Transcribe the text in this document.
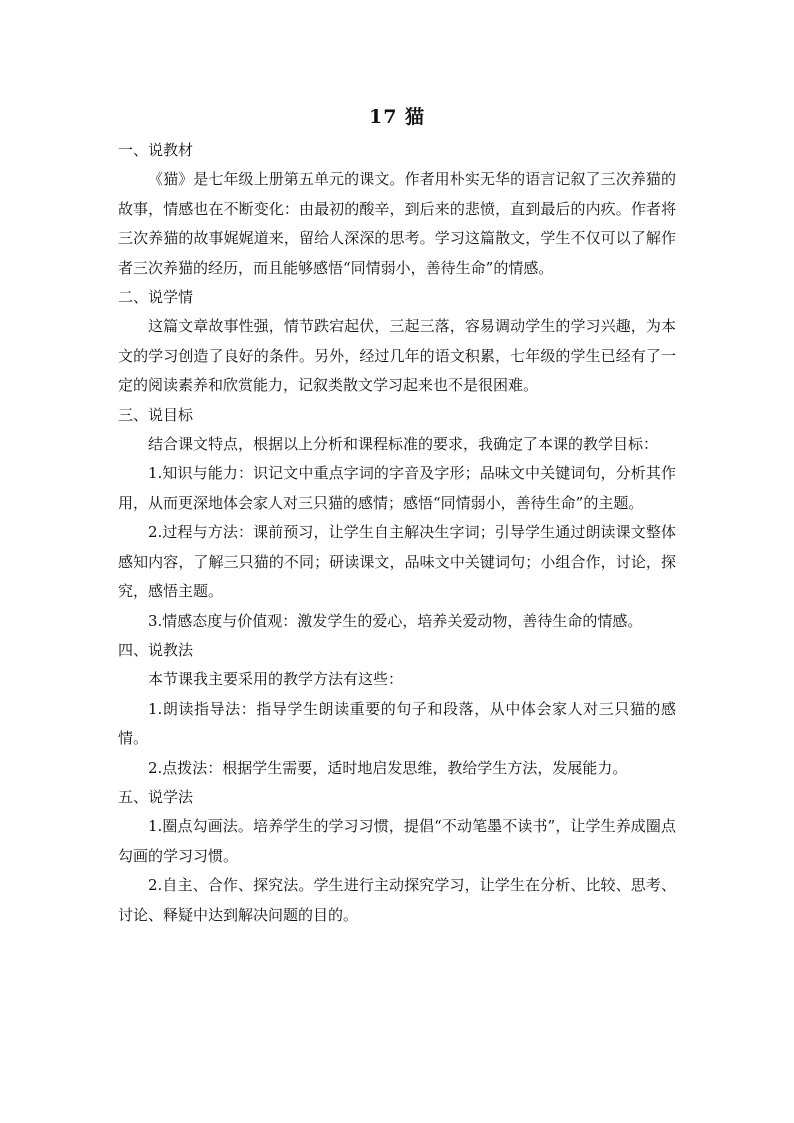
17 猫

一、说教材

《猫》是七年级上册第五单元的课文。作者用朴实无华的语言记叙了三次养猫的故事，情感也在不断变化：由最初的酸辛，到后来的悲愤，直到最后的内疚。作者将三次养猫的故事娓娓道来，留给人深深的思考。学习这篇散文，学生不仅可以了解作者三次养猫的经历，而且能够感悟“同情弱小，善待生命”的情感。

二、说学情

这篇文章故事性强，情节跌宕起伏，三起三落，容易调动学生的学习兴趣，为本文的学习创造了良好的条件。另外，经过几年的语文积累，七年级的学生已经有了一定的阅读素养和欣赏能力，记叙类散文学习起来也不是很困难。

三、说目标

结合课文特点，根据以上分析和课程标准的要求，我确定了本课的教学目标：

1.知识与能力：识记文中重点字词的字音及字形；品味文中关键词句，分析其作用，从而更深地体会家人对三只猫的感情；感悟“同情弱小，善待生命”的主题。

2.过程与方法：课前预习，让学生自主解决生字词；引导学生通过朗读课文整体感知内容，了解三只猫的不同；研读课文，品味文中关键词句；小组合作，讨论，探究，感悟主题。

3.情感态度与价值观：激发学生的爱心，培养关爱动物，善待生命的情感。

四、说教法

本节课我主要采用的教学方法有这些：

1.朗读指导法：指导学生朗读重要的句子和段落，从中体会家人对三只猫的感情。

2.点拨法：根据学生需要，适时地启发思维，教给学生方法，发展能力。

五、说学法

1.圈点勾画法。培养学生的学习习惯，提倡“不动笔墨不读书”，让学生养成圈点勾画的学习习惯。

2.自主、合作、探究法。学生进行主动探究学习，让学生在分析、比较、思考、讨论、释疑中达到解决问题的目的。
